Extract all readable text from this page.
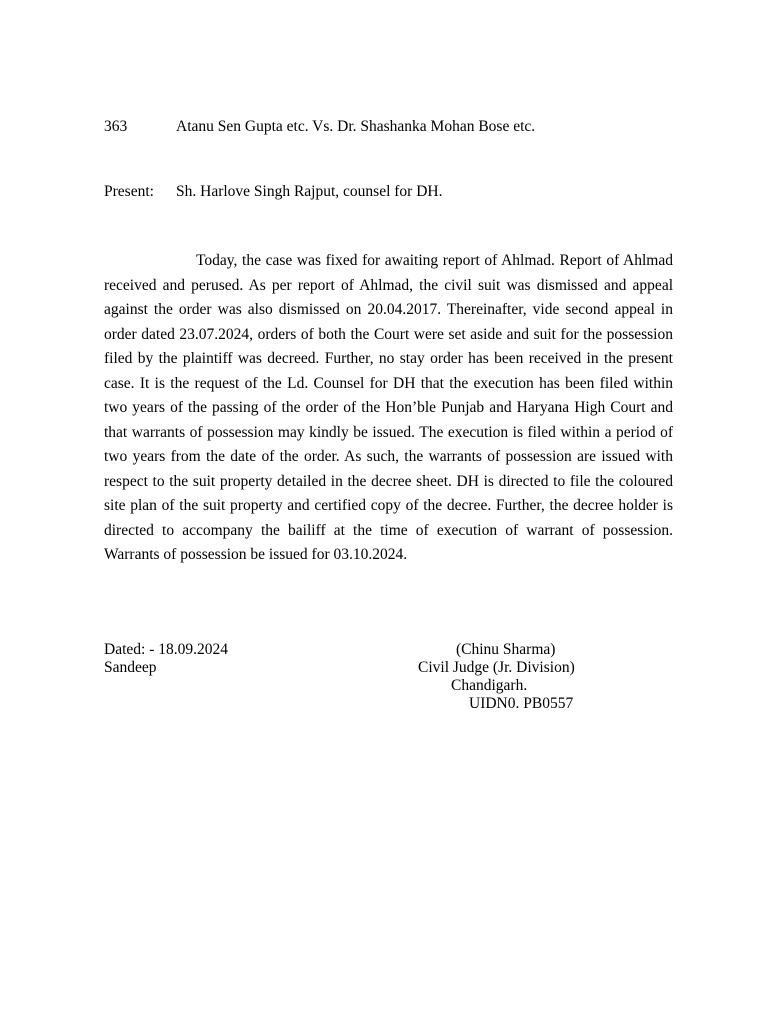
363	Atanu Sen Gupta etc. Vs. Dr. Shashanka Mohan Bose etc.
Present: Sh. Harlove Singh Rajput, counsel for DH.

Today, the case was fixed for awaiting report of Ahlmad. Report of Ahlmad received and perused. As per report of Ahlmad, the civil suit was dismissed and appeal against the order was also dismissed on 20.04.2017. Thereinafter, vide second appeal in order dated 23.07.2024, orders of both the Court were set aside and suit for the possession filed by the plaintiff was decreed. Further, no stay order has been received in the present case. It is the request of the Ld. Counsel for DH that the execution has been filed within two years of the passing of the order of the Hon’ble Punjab and Haryana High Court and that warrants of possession may kindly be issued. The execution is filed within a period of two years from the date of the order. As such, the warrants of possession are issued with respect to the suit property detailed in the decree sheet. DH is directed to file the coloured site plan of the suit property and certified copy of the decree. Further, the decree holder is directed to accompany the bailiff at the time of execution of warrant of possession. Warrants of possession be issued for 03.10.2024.

Dated: - 18.09.2024
Sandeep
(Chinu Sharma)
Civil Judge (Jr. Division)
Chandigarh.
UIDN0. PB0557
